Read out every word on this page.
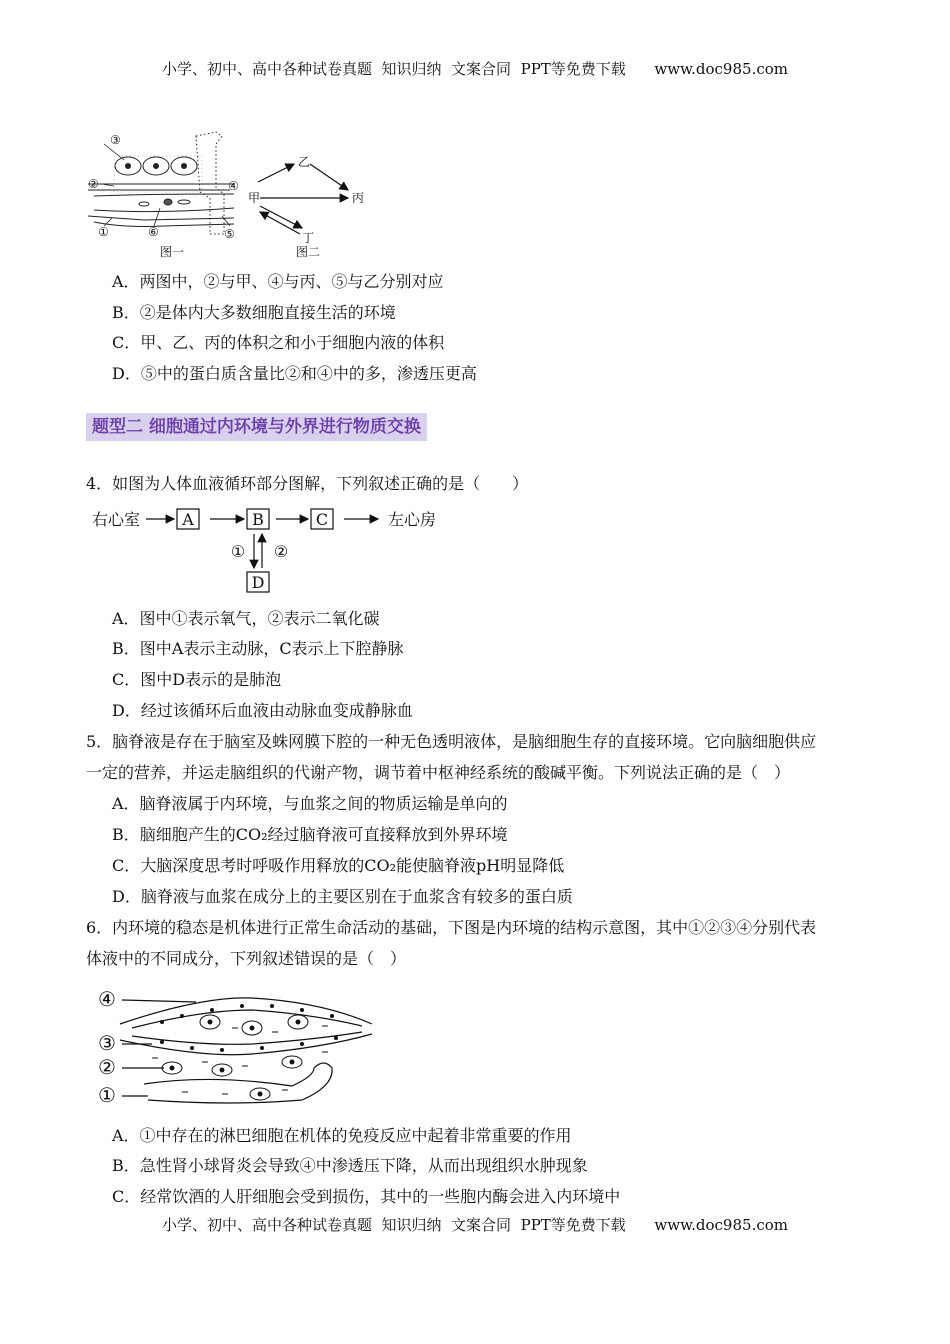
小学、初中、高中各种试卷真题  知识归纳  文案合同  PPT等免费下载      www.doc985.com
③
②	④
①	⑥	⑤
图一
甲
乙
丙
丁
图二
A．两图中，②与甲、④与丙、⑤与乙分别对应
B．②是体内大多数细胞直接生活的环境
C．甲、乙、丙的体积之和小于细胞内液的体积
D．⑤中的蛋白质含量比②和④中的多，渗透压更高
题型二 细胞通过内环境与外界进行物质交换
4．如图为人体血液循环部分图解，下列叙述正确的是（　　）
右心室	左心房
A	B	C
D
① ②
A．图中①表示氧气，②表示二氧化碳
B．图中A表示主动脉，C表示上下腔静脉
C．图中D表示的是肺泡
D．经过该循环后血液由动脉血变成静脉血
5．脑脊液是存在于脑室及蛛网膜下腔的一种无色透明液体，是脑细胞生存的直接环境。它向脑细胞供应
一定的营养，并运走脑组织的代谢产物，调节着中枢神经系统的酸碱平衡。下列说法正确的是（　）
A．脑脊液属于内环境，与血浆之间的物质运输是单向的
B．脑细胞产生的CO₂经过脑脊液可直接释放到外界环境
C．大脑深度思考时呼吸作用释放的CO₂能使脑脊液pH明显降低
D．脑脊液与血浆在成分上的主要区别在于血浆含有较多的蛋白质
6．内环境的稳态是机体进行正常生命活动的基础，下图是内环境的结构示意图，其中①②③④分别代表
体液中的不同成分，下列叙述错误的是（　）
④
③
②
①
A．①中存在的淋巴细胞在机体的免疫反应中起着非常重要的作用
B．急性肾小球肾炎会导致④中渗透压下降，从而出现组织水肿现象
C．经常饮酒的人肝细胞会受到损伤，其中的一些胞内酶会进入内环境中
小学、初中、高中各种试卷真题  知识归纳  文案合同  PPT等免费下载      www.doc985.com
